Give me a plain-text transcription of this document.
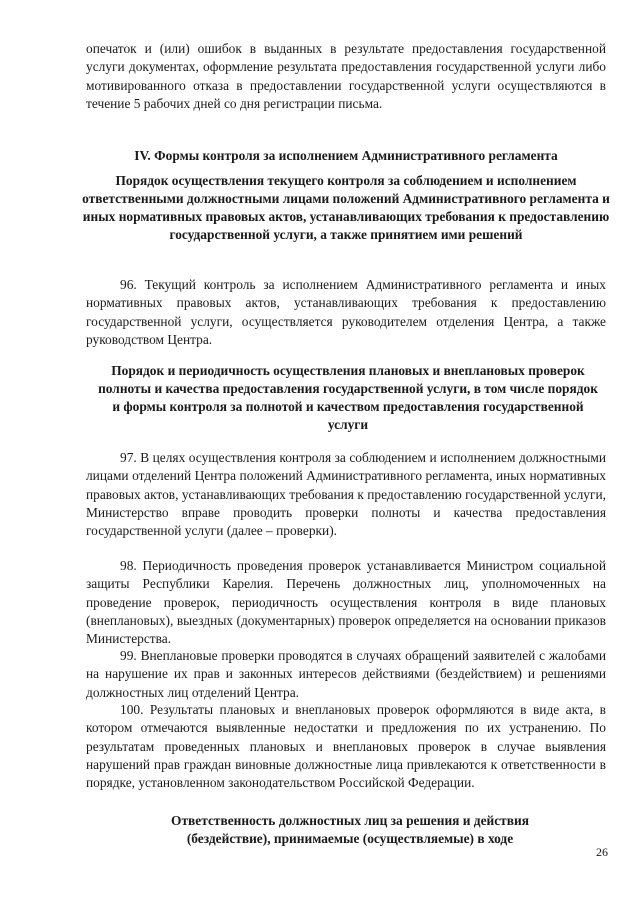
опечаток и (или) ошибок в выданных в результате предоставления государственной услуги документах, оформление результата предоставления государственной услуги либо мотивированного отказа в предоставлении государственной услуги осуществляются в течение 5 рабочих дней со дня регистрации письма.

IV. Формы контроля за исполнением Административного регламента

Порядок осуществления текущего контроля за соблюдением и исполнением ответственными должностными лицами положений Административного регламента и иных нормативных правовых актов, устанавливающих требования к предоставлению государственной услуги, а также принятием ими решений

96. Текущий контроль за исполнением Административного регламента и иных нормативных правовых актов, устанавливающих требования к предоставлению государственной услуги, осуществляется руководителем отделения Центра, а также руководством Центра.

Порядок и периодичность осуществления плановых и внеплановых проверок полноты и качества предоставления государственной услуги, в том числе порядок и формы контроля за полнотой и качеством предоставления государственной услуги

97. В целях осуществления контроля за соблюдением и исполнением должностными лицами отделений Центра положений Административного регламента, иных нормативных правовых актов, устанавливающих требования к предоставлению государственной услуги, Министерство вправе проводить проверки полноты и качества предоставления государственной услуги (далее – проверки).

98. Периодичность проведения проверок устанавливается Министром социальной защиты Республики Карелия. Перечень должностных лиц, уполномоченных на проведение проверок, периодичность осуществления контроля в виде плановых (внеплановых), выездных (документарных) проверок определяется на основании приказов Министерства.

99. Внеплановые проверки проводятся в случаях обращений заявителей с жалобами на нарушение их прав и законных интересов действиями (бездействием) и решениями должностных лиц отделений Центра.

100. Результаты плановых и внеплановых проверок оформляются в виде акта, в котором отмечаются выявленные недостатки и предложения по их устранению. По результатам проведенных плановых и внеплановых проверок в случае выявления нарушений прав граждан виновные должностные лица привлекаются к ответственности в порядке, установленном законодательством Российской Федерации.

Ответственность должностных лиц за решения и действия (бездействие), принимаемые (осуществляемые) в ходе

26
